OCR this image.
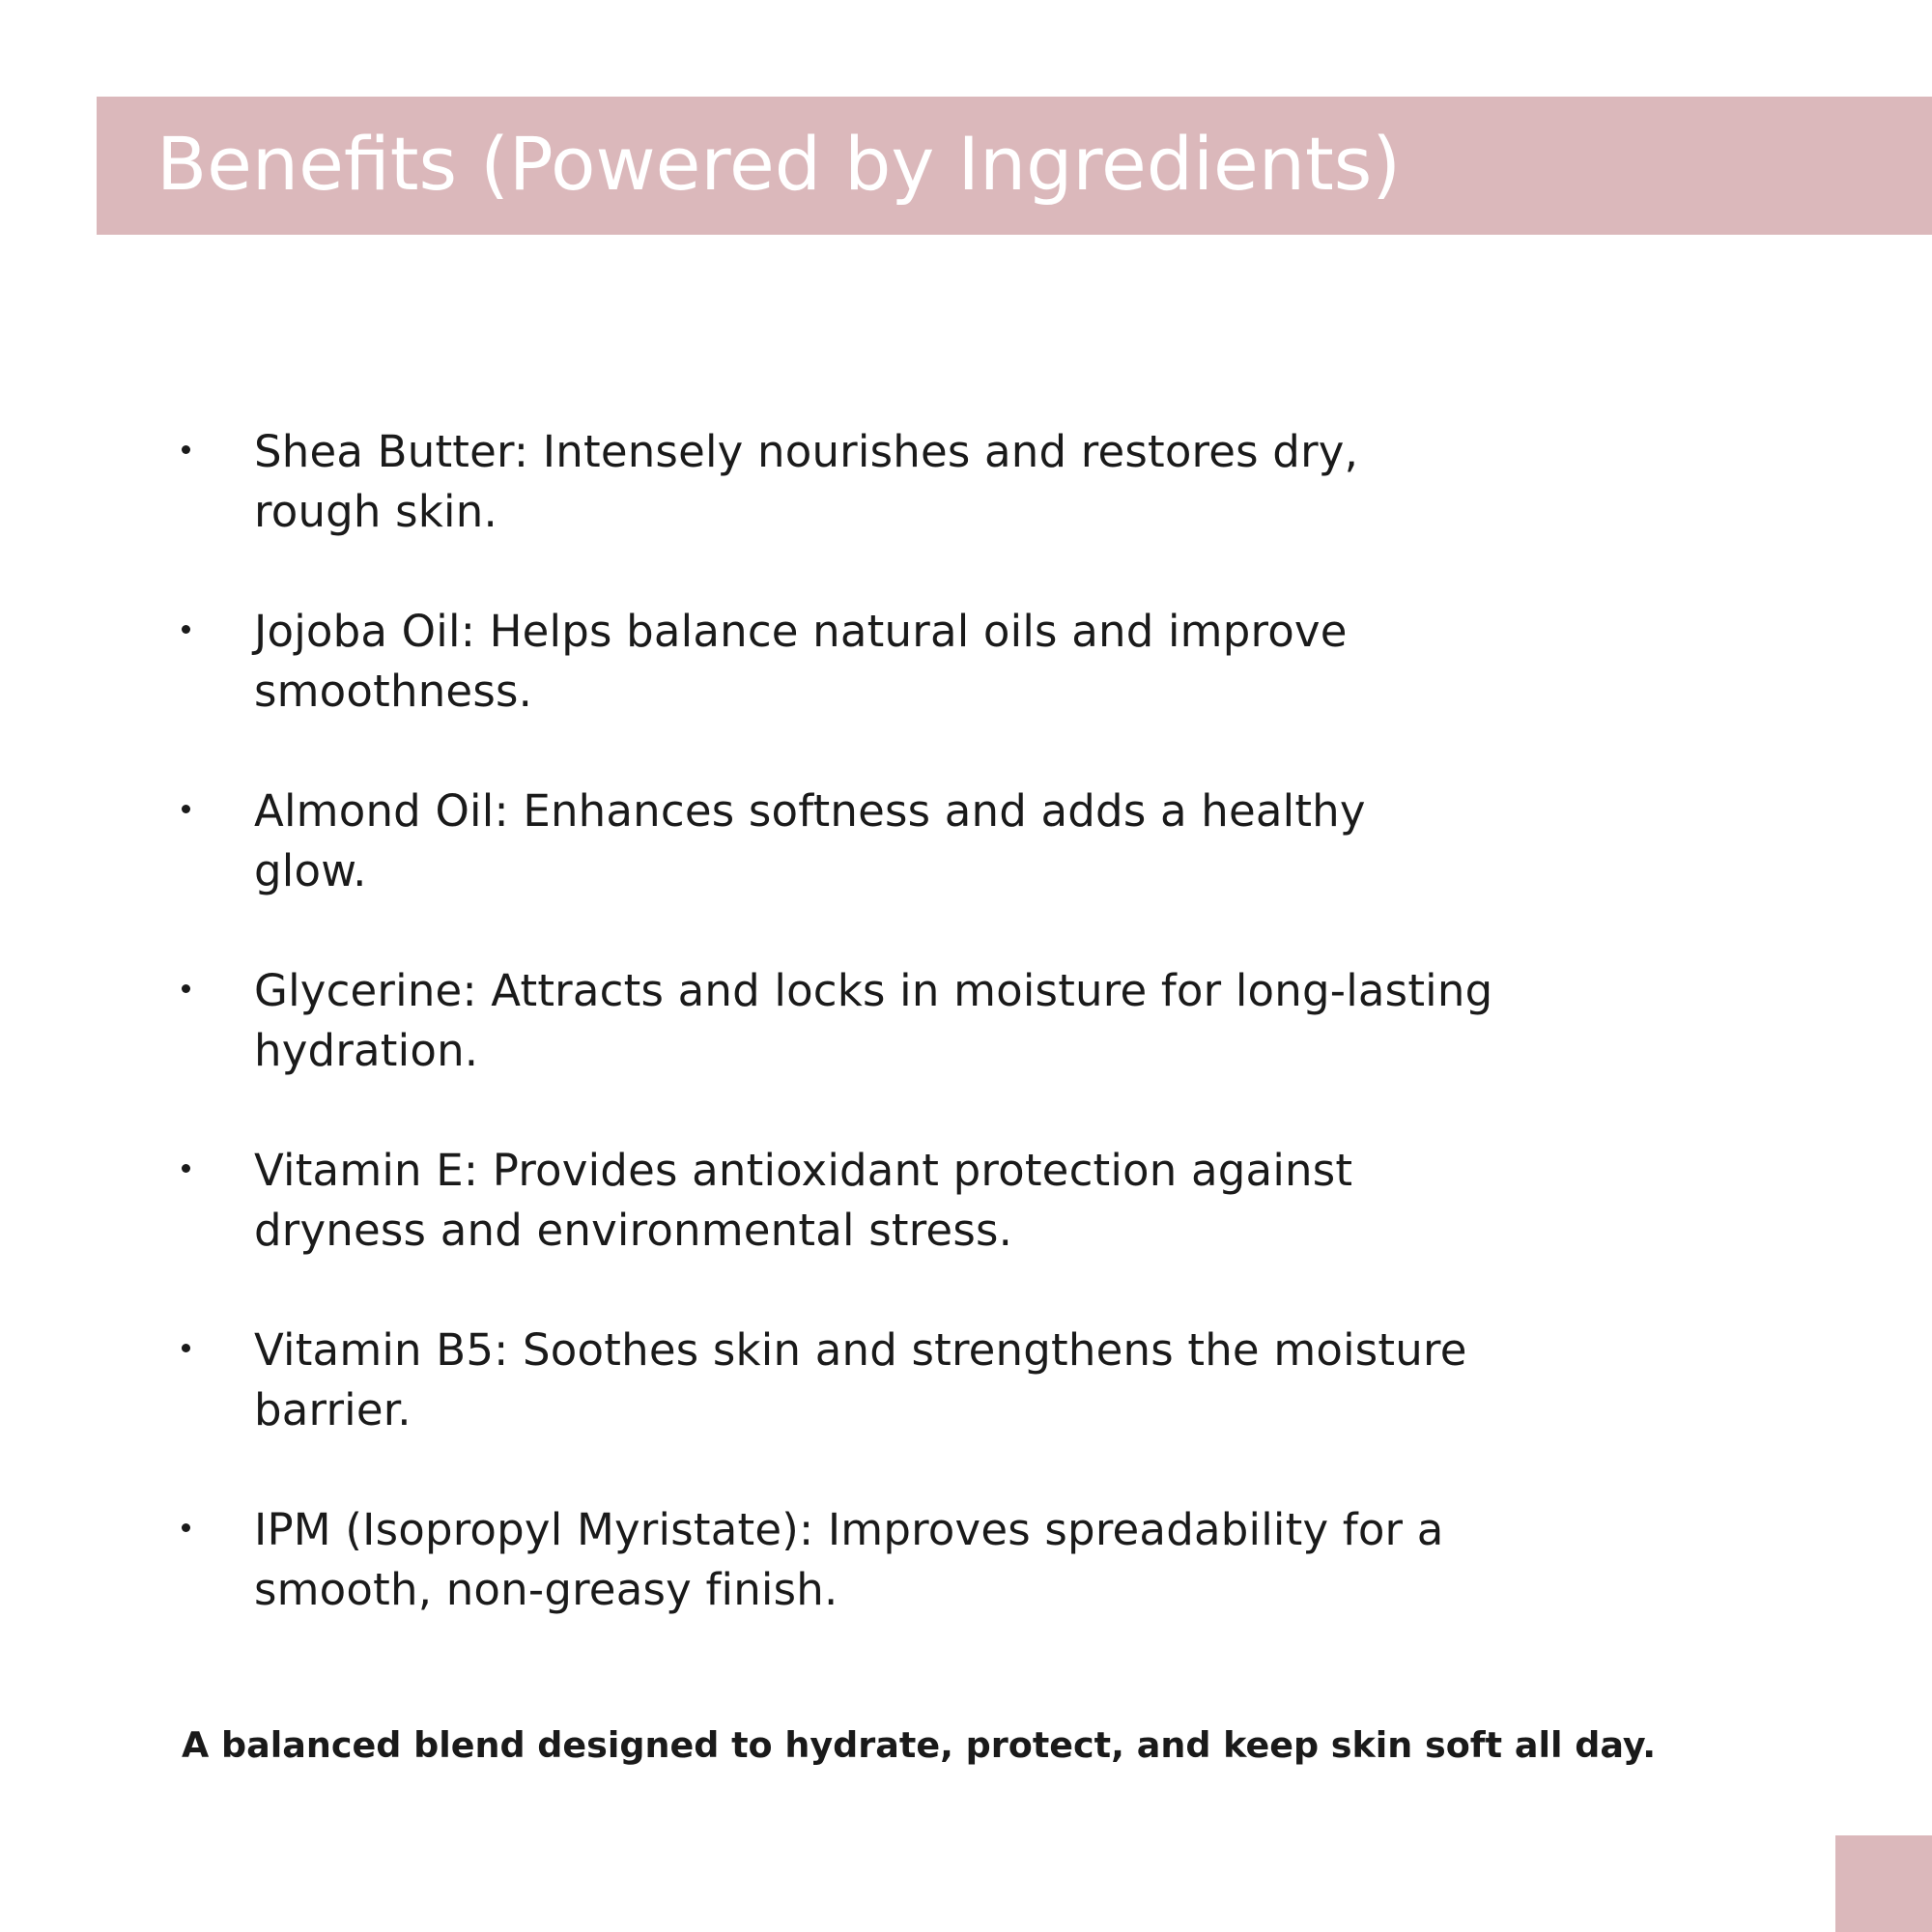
Benefits (Powered by Ingredients)
Shea Butter: Intensely nourishes and restores dry,
rough skin.
Jojoba Oil: Helps balance natural oils and improve
smoothness.
Almond Oil: Enhances softness and adds a healthy
glow.
Glycerine: Attracts and locks in moisture for long-lasting
hydration.
Vitamin E: Provides antioxidant protection against
dryness and environmental stress.
Vitamin B5: Soothes skin and strengthens the moisture
barrier.
IPM (Isopropyl Myristate): Improves spreadability for a
smooth, non-greasy finish.

A balanced blend designed to hydrate, protect, and keep skin soft all day.
